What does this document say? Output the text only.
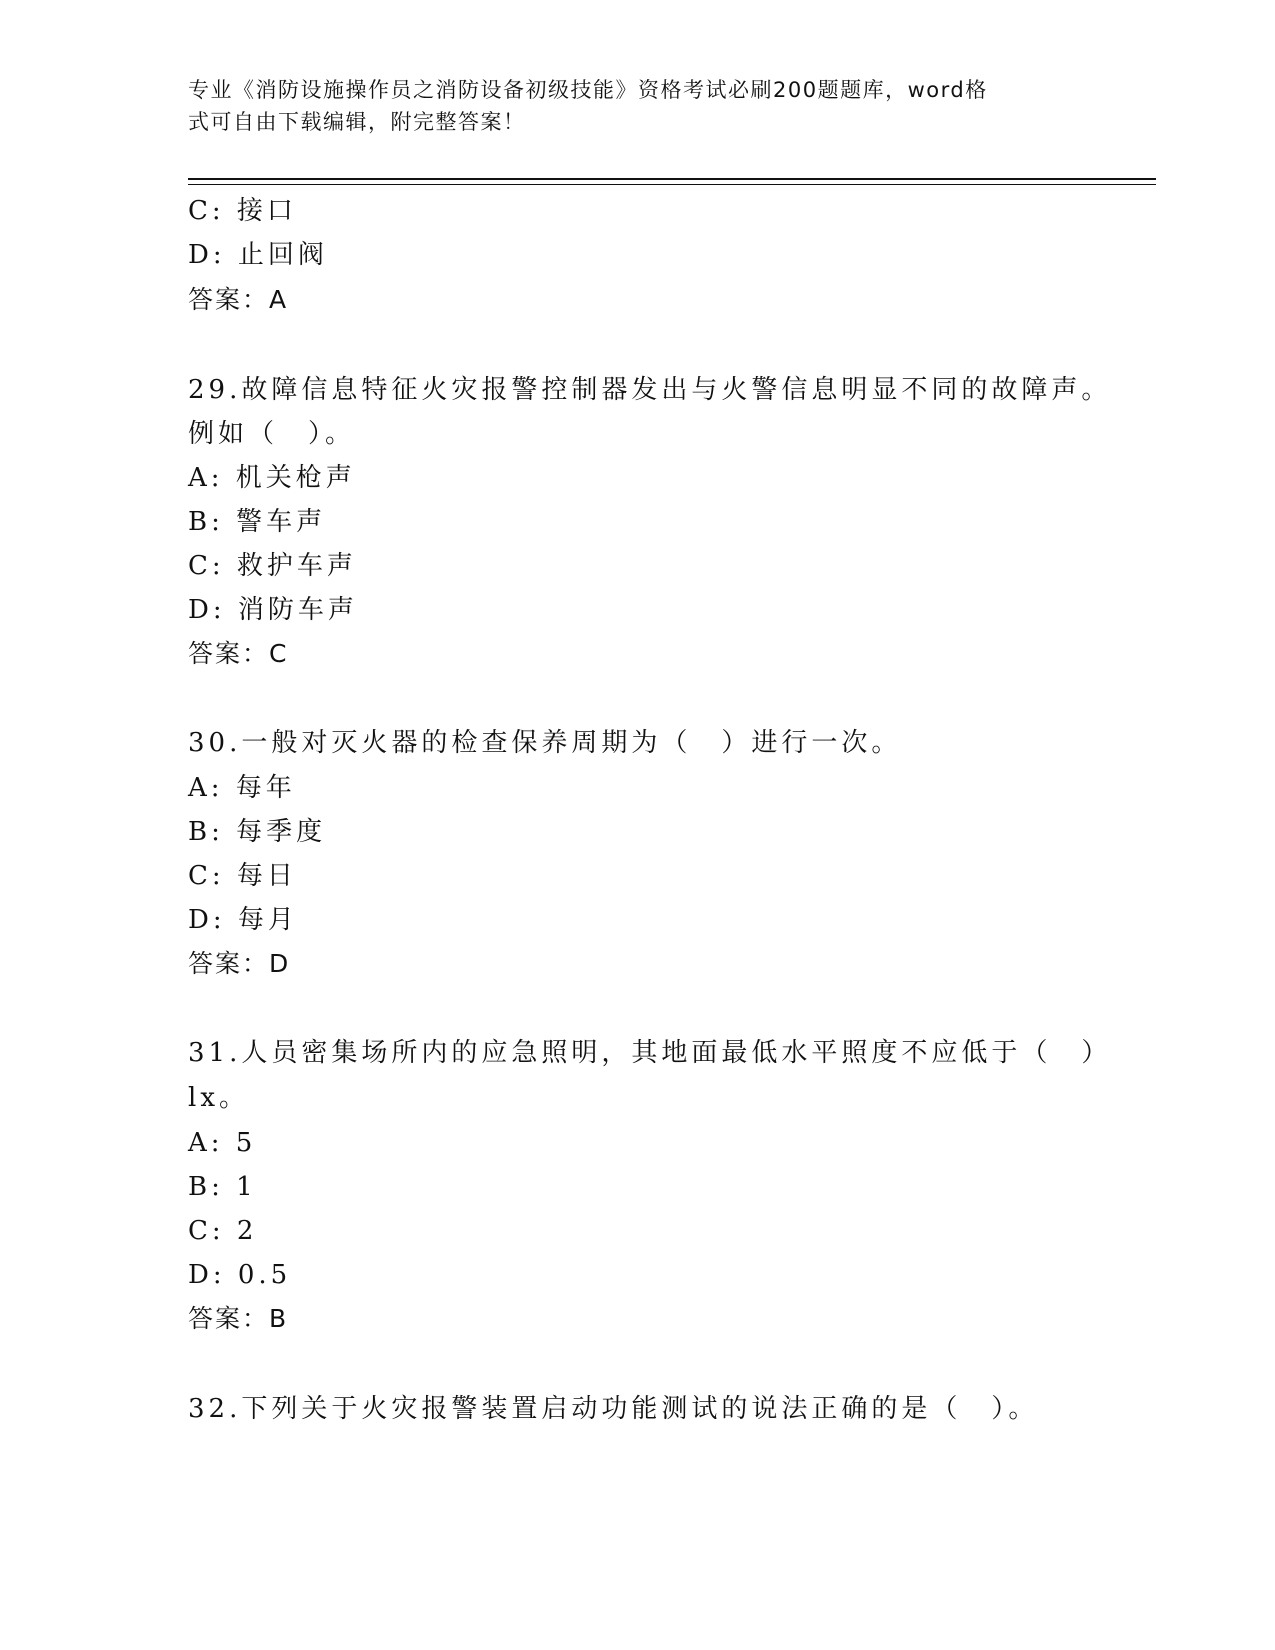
专业《消防设施操作员之消防设备初级技能》资格考试必刷200题题库，word格
式可自由下载编辑，附完整答案！
C: 接口
D: 止回阀
答案：A
29.故障信息特征火灾报警控制器发出与火警信息明显不同的故障声。
例如（　）。
A: 机关枪声
B: 警车声
C: 救护车声
D: 消防车声
答案：C
30.一般对灭火器的检查保养周期为（　）进行一次。
A: 每年
B: 每季度
C: 每日
D: 每月
答案：D
31.人员密集场所内的应急照明，其地面最低水平照度不应低于（　）
lx。
A: 5
B: 1
C: 2
D: 0.5
答案：B
32.下列关于火灾报警装置启动功能测试的说法正确的是（　）。
